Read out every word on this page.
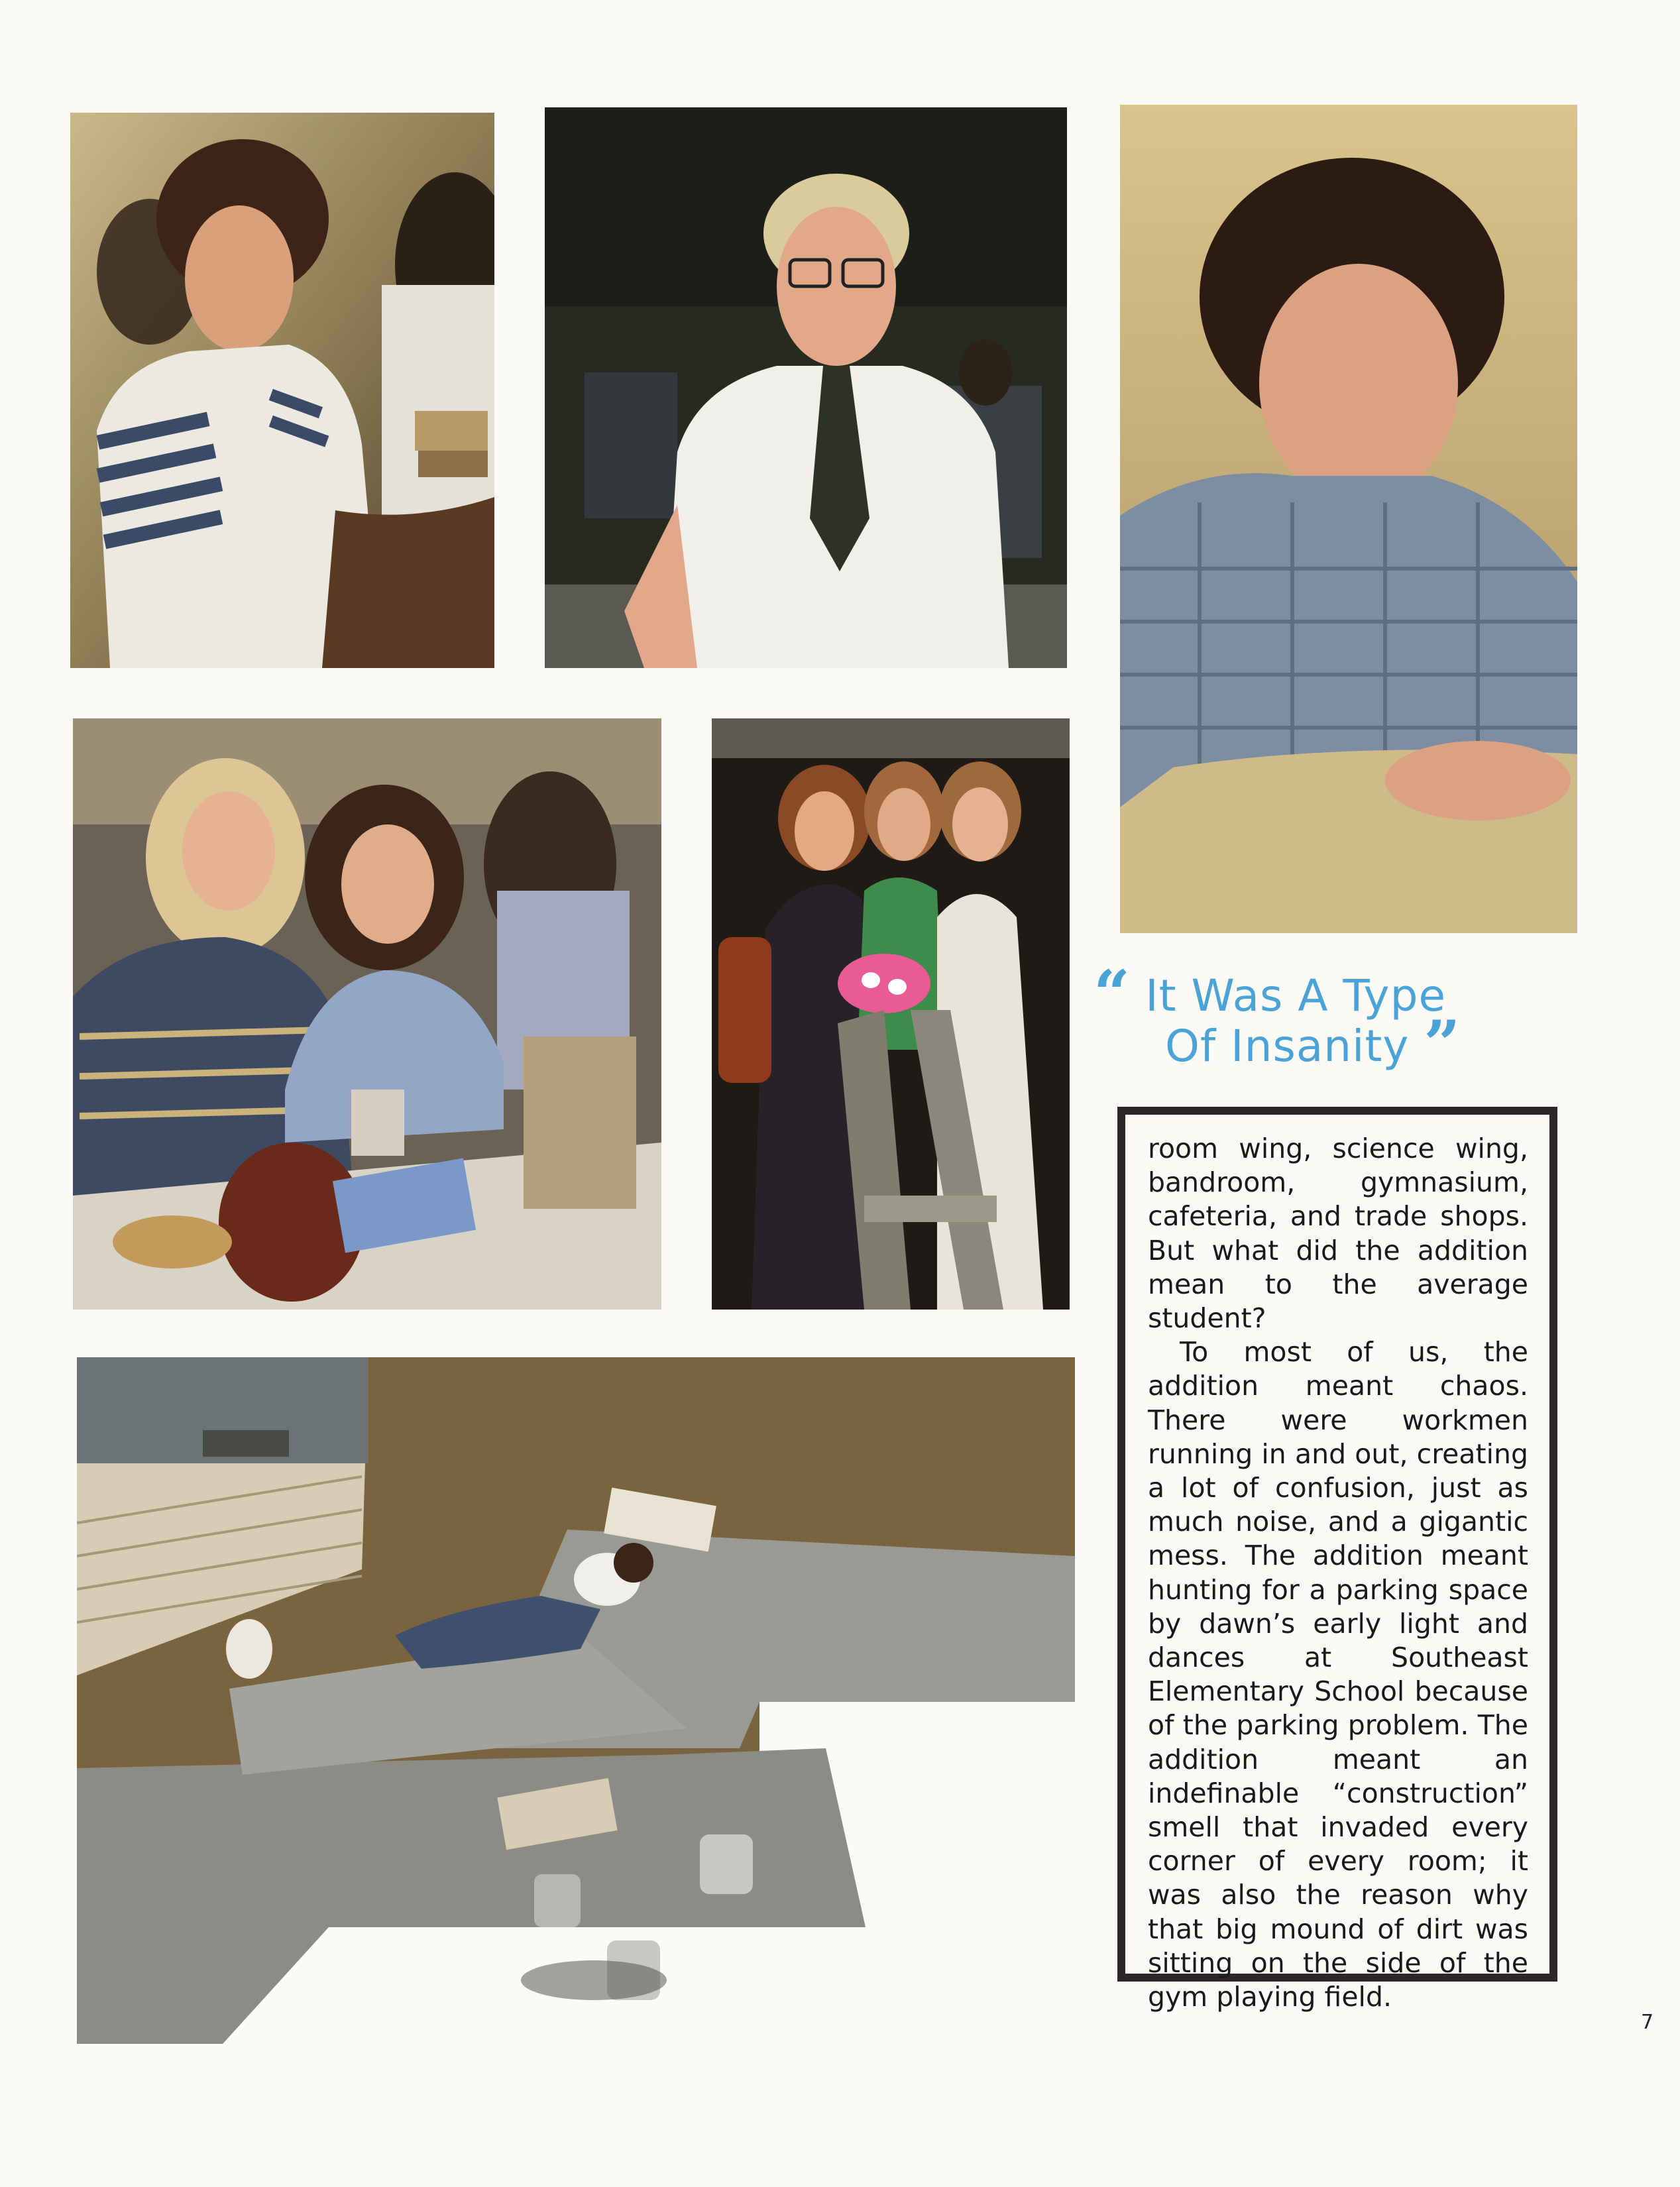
“ It Was A Type
Of Insanity ”

room wing, science wing, bandroom, gymnasium, cafeteria, and trade shops. But what did the addition mean to the average student?

To most of us, the addition meant chaos. There were workmen running in and out, creating a lot of confusion, just as much noise, and a gigantic mess. The addition meant hunting for a parking space by dawn’s early light and dances at Southeast Elementary School because of the parking problem. The addition meant an indefinable “construction” smell that invaded every corner of every room; it was also the reason why that big mound of dirt was sitting on the side of the gym playing field.

7
